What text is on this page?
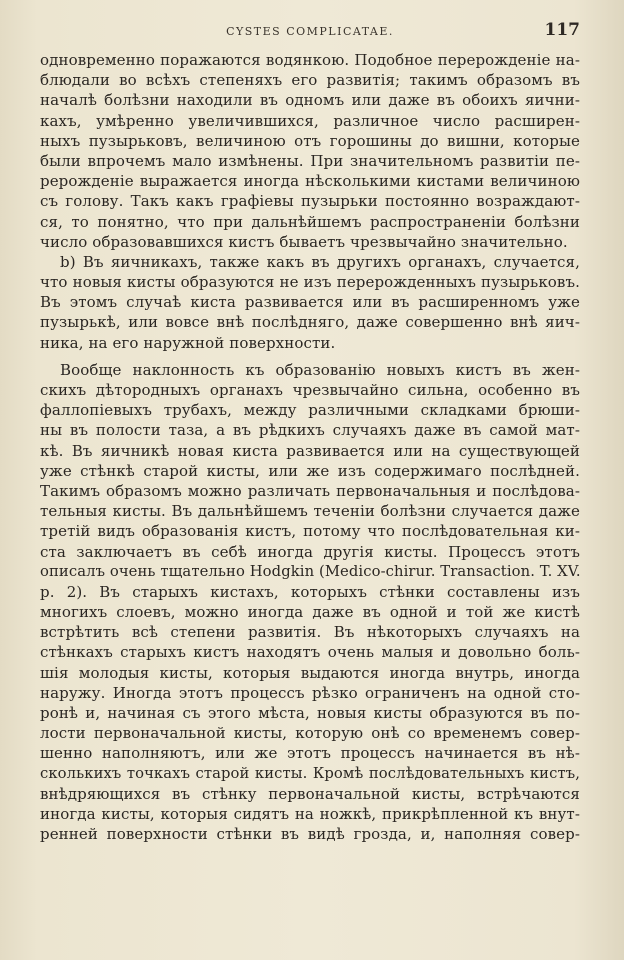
CYSTES COMPLICATAE.	117
одновременно поражаются водянкою. Подобное перерожденіе на-
блюдали во всѣхъ степеняхъ его развитія; такимъ образомъ въ
началѣ болѣзни находили въ одномъ или даже въ обоихъ яични-
кахъ, умѣренно увеличившихся, различное число расширен-
ныхъ пузырьковъ, величиною отъ горошины до вишни, которые
были впрочемъ мало измѣнены. При значительномъ развитіи пе-
рерожденіе выражается иногда нѣсколькими кистами величиною
съ голову. Такъ какъ графіевы пузырьки постоянно возраждают-
ся, то понятно, что при дальнѣйшемъ распространеніи болѣзни
число образовавшихся кистъ бываетъ чрезвычайно значительно.
b) Въ яичникахъ, также какъ въ другихъ органахъ, случается,
что новыя кисты образуются не изъ перерожденныхъ пузырьковъ.
Въ этомъ случаѣ киста развивается или въ расширенномъ уже
пузырькѣ, или вовсе внѣ послѣдняго, даже совершенно внѣ яич-
ника, на его наружной поверхности.
Вообще наклонность къ образованію новыхъ кистъ въ жен-
скихъ дѣтородныхъ органахъ чрезвычайно сильна, особенно въ
фаллопіевыхъ трубахъ, между различными складками брюши-
ны въ полости таза, а въ рѣдкихъ случаяхъ даже въ самой мат-
кѣ. Въ яичникѣ новая киста развивается или на существующей
уже стѣнкѣ старой кисты, или же изъ содержимаго послѣдней.
Такимъ образомъ можно различать первоначальныя и послѣдова-
тельныя кисты. Въ дальнѣйшемъ теченіи болѣзни случается даже
третій видъ образованія кистъ, потому что послѣдовательная ки-
ста заключаетъ въ себѣ иногда другія кисты. Процессъ этотъ
описалъ очень тщательно Hodgkin (Medico-chirur. Transaction. T. XV.
p. 2). Въ старыхъ кистахъ, которыхъ стѣнки составлены изъ
многихъ слоевъ, можно иногда даже въ одной и той же кистѣ
встрѣтить всѣ степени развитія. Въ нѣкоторыхъ случаяхъ на
стѣнкахъ старыхъ кистъ находятъ очень малыя и довольно боль-
шія молодыя кисты, которыя выдаются иногда внутрь, иногда
наружу. Иногда этотъ процессъ рѣзко ограниченъ на одной сто-
ронѣ и, начиная съ этого мѣста, новыя кисты образуются въ по-
лости первоначальной кисты, которую онѣ со временемъ совер-
шенно наполняютъ, или же этотъ процессъ начинается въ нѣ-
сколькихъ точкахъ старой кисты. Кромѣ послѣдовательныхъ кистъ,
внѣдряющихся въ стѣнку первоначальной кисты, встрѣчаются
иногда кисты, которыя сидятъ на ножкѣ, прикрѣпленной къ внут-
ренней поверхности стѣнки въ видѣ грозда, и, наполняя совер-
